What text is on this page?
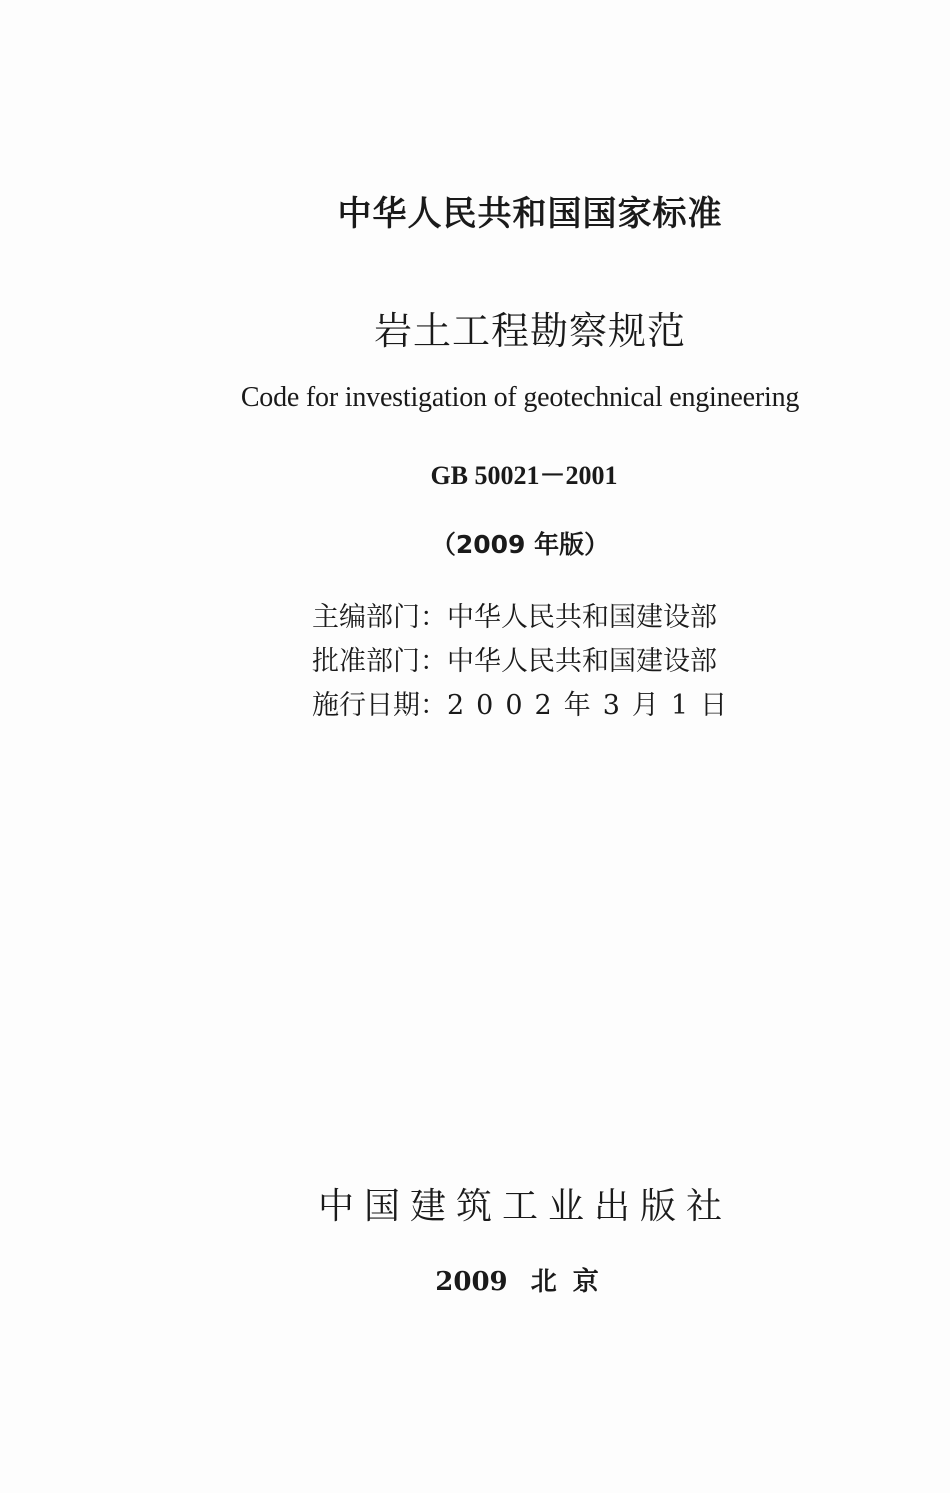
中华人民共和国国家标准
岩土工程勘察规范
Code for investigation of geotechnical engineering
GB 50021－2001
（2009 年版）
主编部门：中华人民共和国建设部
批准部门：中华人民共和国建设部
施行日期：2002年3月1日
中国建筑工业出版社
2009 北京
